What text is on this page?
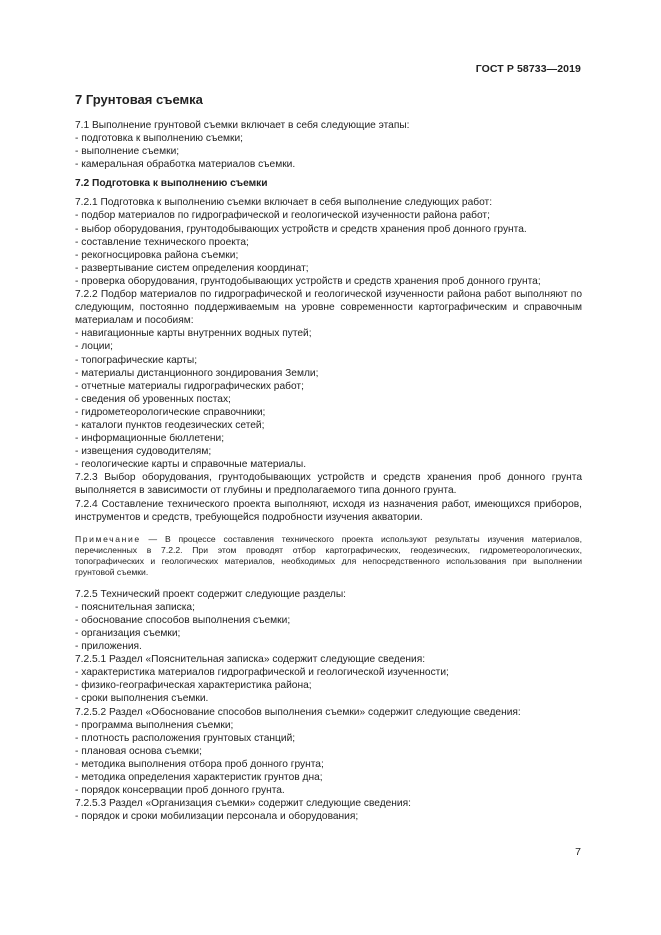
ГОСТ Р 58733—2019
7 Грунтовая съемка

7.1 Выполнение грунтовой съемки включает в себя следующие этапы:

- подготовка к выполнению съемки;
- выполнение съемки;
- камеральная обработка материалов съемки.
7.2 Подготовка к выполнению съемки

7.2.1 Подготовка к выполнению съемки включает в себя выполнение следующих работ:

- подбор материалов по гидрографической и геологической изученности района работ;
- выбор оборудования, грунтодобывающих устройств и средств хранения проб донного грунта.
- составление технического проекта;
- рекогносцировка района съемки;
- развертывание систем определения координат;
- проверка оборудования, грунтодобывающих устройств и средств хранения проб донного грунта;

7.2.2 Подбор материалов по гидрографической и геологической изученности района работ выполняют по следующим, постоянно поддерживаемым на уровне современности картографическим и справочным материалам и пособиям:

- навигационные карты внутренних водных путей;
- лоции;
- топографические карты;
- материалы дистанционного зондирования Земли;
- отчетные материалы гидрографических работ;
- сведения об уровенных постах;
- гидрометеорологические справочники;
- каталоги пунктов геодезических сетей;
- информационные бюллетени;
- извещения судоводителям;
- геологические карты и справочные материалы.

7.2.3 Выбор оборудования, грунтодобывающих устройств и средств хранения проб донного грунта выполняется в зависимости от глубины и предполагаемого типа донного грунта.

7.2.4 Составление технического проекта выполняют, исходя из назначения работ, имеющихся приборов, инструментов и средств, требующейся подробности изучения акватории.

Примечание — В процессе составления технического проекта используют результаты изучения материалов, перечисленных в 7.2.2. При этом проводят отбор картографических, геодезических, гидрометеорологических, топографических и геологических материалов, необходимых для непосредственного использования при выполнении грунтовой съемки.

7.2.5 Технический проект содержит следующие разделы:

- пояснительная записка;
- обоснование способов выполнения съемки;
- организация съемки;
- приложения.

7.2.5.1 Раздел «Пояснительная записка» содержит следующие сведения:

- характеристика материалов гидрографической и геологической изученности;
- физико-географическая характеристика района;
- сроки выполнения съемки.

7.2.5.2 Раздел «Обоснование способов выполнения съемки» содержит следующие сведения:

- программа выполнения съемки;
- плотность расположения грунтовых станций;
- плановая основа съемки;
- методика выполнения отбора проб донного грунта;
- методика определения характеристик грунтов дна;
- порядок консервации проб донного грунта.

7.2.5.3 Раздел «Организация съемки» содержит следующие сведения:

- порядок и сроки мобилизации персонала и оборудования;
7
